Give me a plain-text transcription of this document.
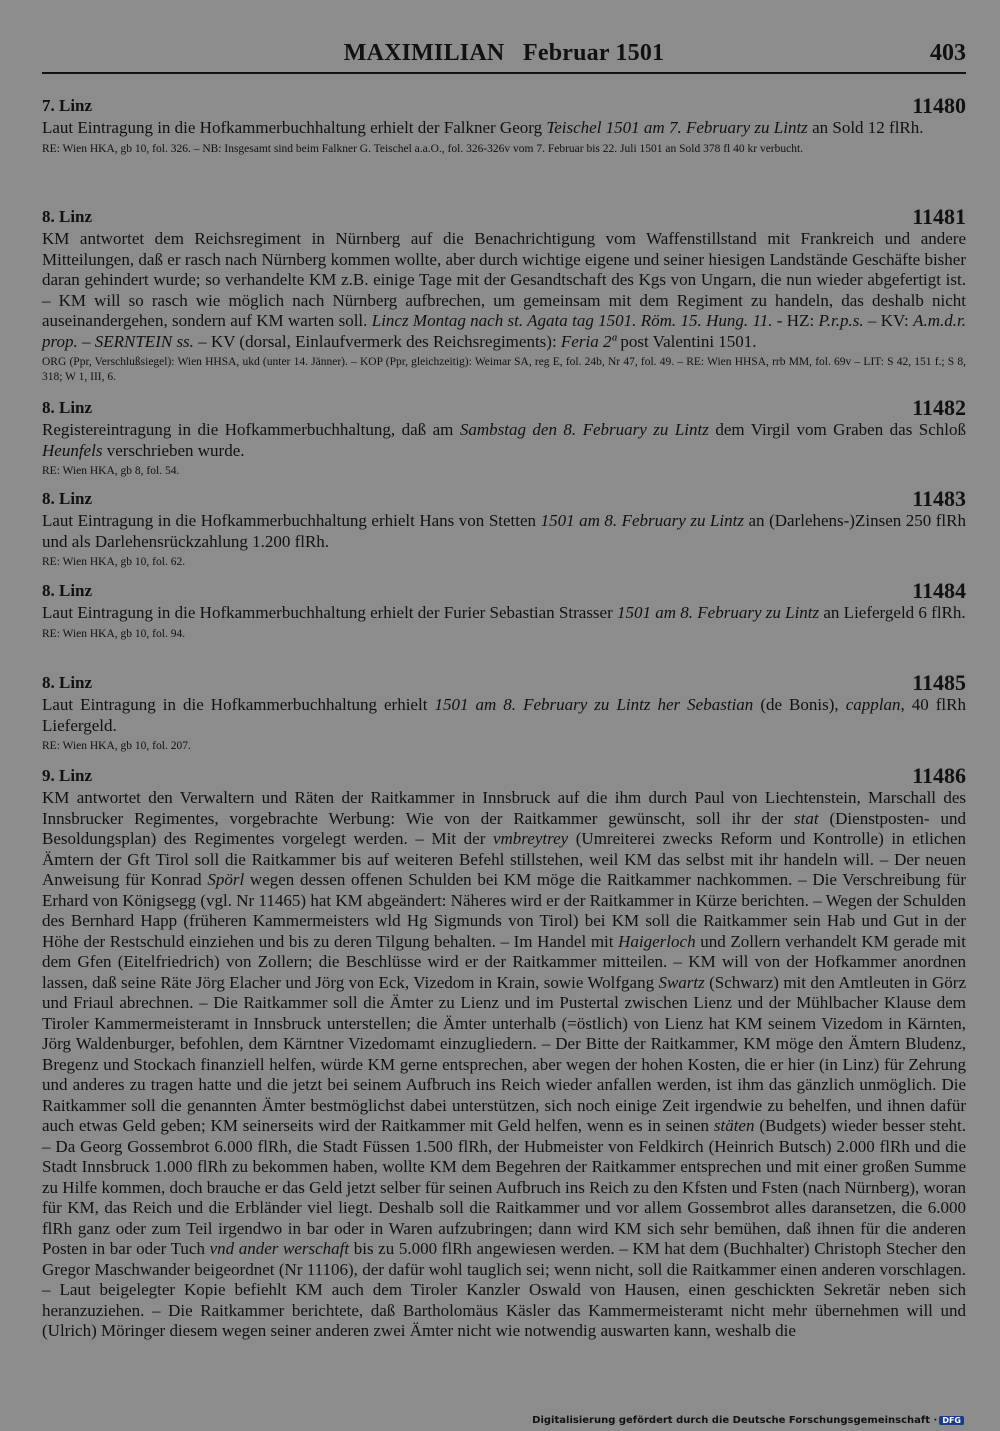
MAXIMILIAN   Februar 1501	403
7. Linz	11480

Laut Eintragung in die Hofkammerbuchhaltung erhielt der Falkner Georg Teischel 1501 am 7. February zu Lintz an Sold 12 flRh.

RE: Wien HKA, gb 10, fol. 326. – NB: Insgesamt sind beim Falkner G. Teischel a.a.O., fol. 326-326v vom 7. Februar bis 22. Juli 1501 an Sold 378 fl 40 kr verbucht.

8. Linz	11481

KM antwortet dem Reichsregiment in Nürnberg auf die Benachrichtigung vom Waffenstillstand mit Frankreich und andere Mitteilungen, daß er rasch nach Nürnberg kommen wollte, aber durch wichtige eigene und seiner hiesigen Landstände Geschäfte bisher daran gehindert wurde; so verhandelte KM z.B. einige Tage mit der Gesandtschaft des Kgs von Ungarn, die nun wieder abgefertigt ist. – KM will so rasch wie möglich nach Nürnberg aufbrechen, um gemeinsam mit dem Regiment zu handeln, das deshalb nicht auseinandergehen, sondern auf KM warten soll. Lincz Montag nach st. Agata tag 1501. Röm. 15. Hung. 11. - HZ: P.r.p.s. – KV: A.m.d.r. prop. – SERNTEIN ss. – KV (dorsal, Einlaufvermerk des Reichsregiments): Feria 2ª post Valentini 1501.

ORG (Ppr, Verschlußsiegel): Wien HHSA, ukd (unter 14. Jänner). – KOP (Ppr, gleichzeitig): Weimar SA, reg E, fol. 24b, Nr 47, fol. 49. – RE: Wien HHSA, rrb MM, fol. 69v – LIT: S 42, 151 f.; S 8, 318; W 1, III, 6.

8. Linz	11482

Registereintragung in die Hofkammerbuchhaltung, daß am Sambstag den 8. February zu Lintz dem Virgil vom Graben das Schloß Heunfels verschrieben wurde.

RE: Wien HKA, gb 8, fol. 54.

8. Linz	11483

Laut Eintragung in die Hofkammerbuchhaltung erhielt Hans von Stetten 1501 am 8. February zu Lintz an (Darlehens-)Zinsen 250 flRh und als Darlehensrückzahlung 1.200 flRh.

RE: Wien HKA, gb 10, fol. 62.

8. Linz	11484

Laut Eintragung in die Hofkammerbuchhaltung erhielt der Furier Sebastian Strasser 1501 am 8. February zu Lintz an Liefergeld 6 flRh.

RE: Wien HKA, gb 10, fol. 94.

8. Linz	11485

Laut Eintragung in die Hofkammerbuchhaltung erhielt 1501 am 8. February zu Lintz her Sebastian (de Bonis), capplan, 40 flRh Liefergeld.

RE: Wien HKA, gb 10, fol. 207.

9. Linz	11486

KM antwortet den Verwaltern und Räten der Raitkammer in Innsbruck auf die ihm durch Paul von Liechtenstein, Marschall des Innsbrucker Regimentes, vorgebrachte Werbung: Wie von der Raitkammer gewünscht, soll ihr der stat (Dienstposten- und Besoldungsplan) des Regimentes vorgelegt werden. – Mit der vmbreytrey (Umreiterei zwecks Reform und Kontrolle) in etlichen Ämtern der Gft Tirol soll die Raitkammer bis auf weiteren Befehl stillstehen, weil KM das selbst mit ihr handeln will. – Der neuen Anweisung für Konrad Spörl wegen dessen offenen Schulden bei KM möge die Raitkammer nachkommen. – Die Verschreibung für Erhard von Königsegg (vgl. Nr 11465) hat KM abgeändert: Näheres wird er der Raitkammer in Kürze berichten. – Wegen der Schulden des Bernhard Happ (früheren Kammermeisters wld Hg Sigmunds von Tirol) bei KM soll die Raitkammer sein Hab und Gut in der Höhe der Restschuld einziehen und bis zu deren Tilgung behalten. – Im Handel mit Haigerloch und Zollern verhandelt KM gerade mit dem Gfen (Eitelfriedrich) von Zollern; die Beschlüsse wird er der Raitkammer mitteilen. – KM will von der Hofkammer anordnen lassen, daß seine Räte Jörg Elacher und Jörg von Eck, Vizedom in Krain, sowie Wolfgang Swartz (Schwarz) mit den Amtleuten in Görz und Friaul abrechnen. – Die Raitkammer soll die Ämter zu Lienz und im Pustertal zwischen Lienz und der Mühlbacher Klause dem Tiroler Kammermeisteramt in Innsbruck unterstellen; die Ämter unterhalb (=östlich) von Lienz hat KM seinem Vizedom in Kärnten, Jörg Waldenburger, befohlen, dem Kärntner Vizedomamt einzugliedern. – Der Bitte der Raitkammer, KM möge den Ämtern Bludenz, Bregenz und Stockach finanziell helfen, würde KM gerne entsprechen, aber wegen der hohen Kosten, die er hier (in Linz) für Zehrung und anderes zu tragen hatte und die jetzt bei seinem Aufbruch ins Reich wieder anfallen werden, ist ihm das gänzlich unmöglich. Die Raitkammer soll die genannten Ämter bestmöglichst dabei unterstützen, sich noch einige Zeit irgendwie zu behelfen, und ihnen dafür auch etwas Geld geben; KM seinerseits wird der Raitkammer mit Geld helfen, wenn es in seinen stäten (Budgets) wieder besser steht. – Da Georg Gossembrot 6.000 flRh, die Stadt Füssen 1.500 flRh, der Hubmeister von Feldkirch (Heinrich Butsch) 2.000 flRh und die Stadt Innsbruck 1.000 flRh zu bekommen haben, wollte KM dem Begehren der Raitkammer entsprechen und mit einer großen Summe zu Hilfe kommen, doch brauche er das Geld jetzt selber für seinen Aufbruch ins Reich zu den Kfsten und Fsten (nach Nürnberg), woran für KM, das Reich und die Erbländer viel liegt. Deshalb soll die Raitkammer und vor allem Gossembrot alles daransetzen, die 6.000 flRh ganz oder zum Teil irgendwo in bar oder in Waren aufzubringen; dann wird KM sich sehr bemühen, daß ihnen für die anderen Posten in bar oder Tuch vnd ander werschaft bis zu 5.000 flRh angewiesen werden. – KM hat dem (Buchhalter) Christoph Stecher den Gregor Maschwander beigeordnet (Nr 11106), der dafür wohl tauglich sei; wenn nicht, soll die Raitkammer einen anderen vorschlagen. – Laut beigelegter Kopie befiehlt KM auch dem Tiroler Kanzler Oswald von Hausen, einen geschickten Sekretär neben sich heranzuziehen. – Die Raitkammer berichtete, daß Bartholomäus Käsler das Kammermeisteramt nicht mehr übernehmen will und (Ulrich) Möringer diesem wegen seiner anderen zwei Ämter nicht wie notwendig auswarten kann, weshalb die

Digitalisierung gefördert durch die Deutsche Forschungsgemeinschaft · DFG
